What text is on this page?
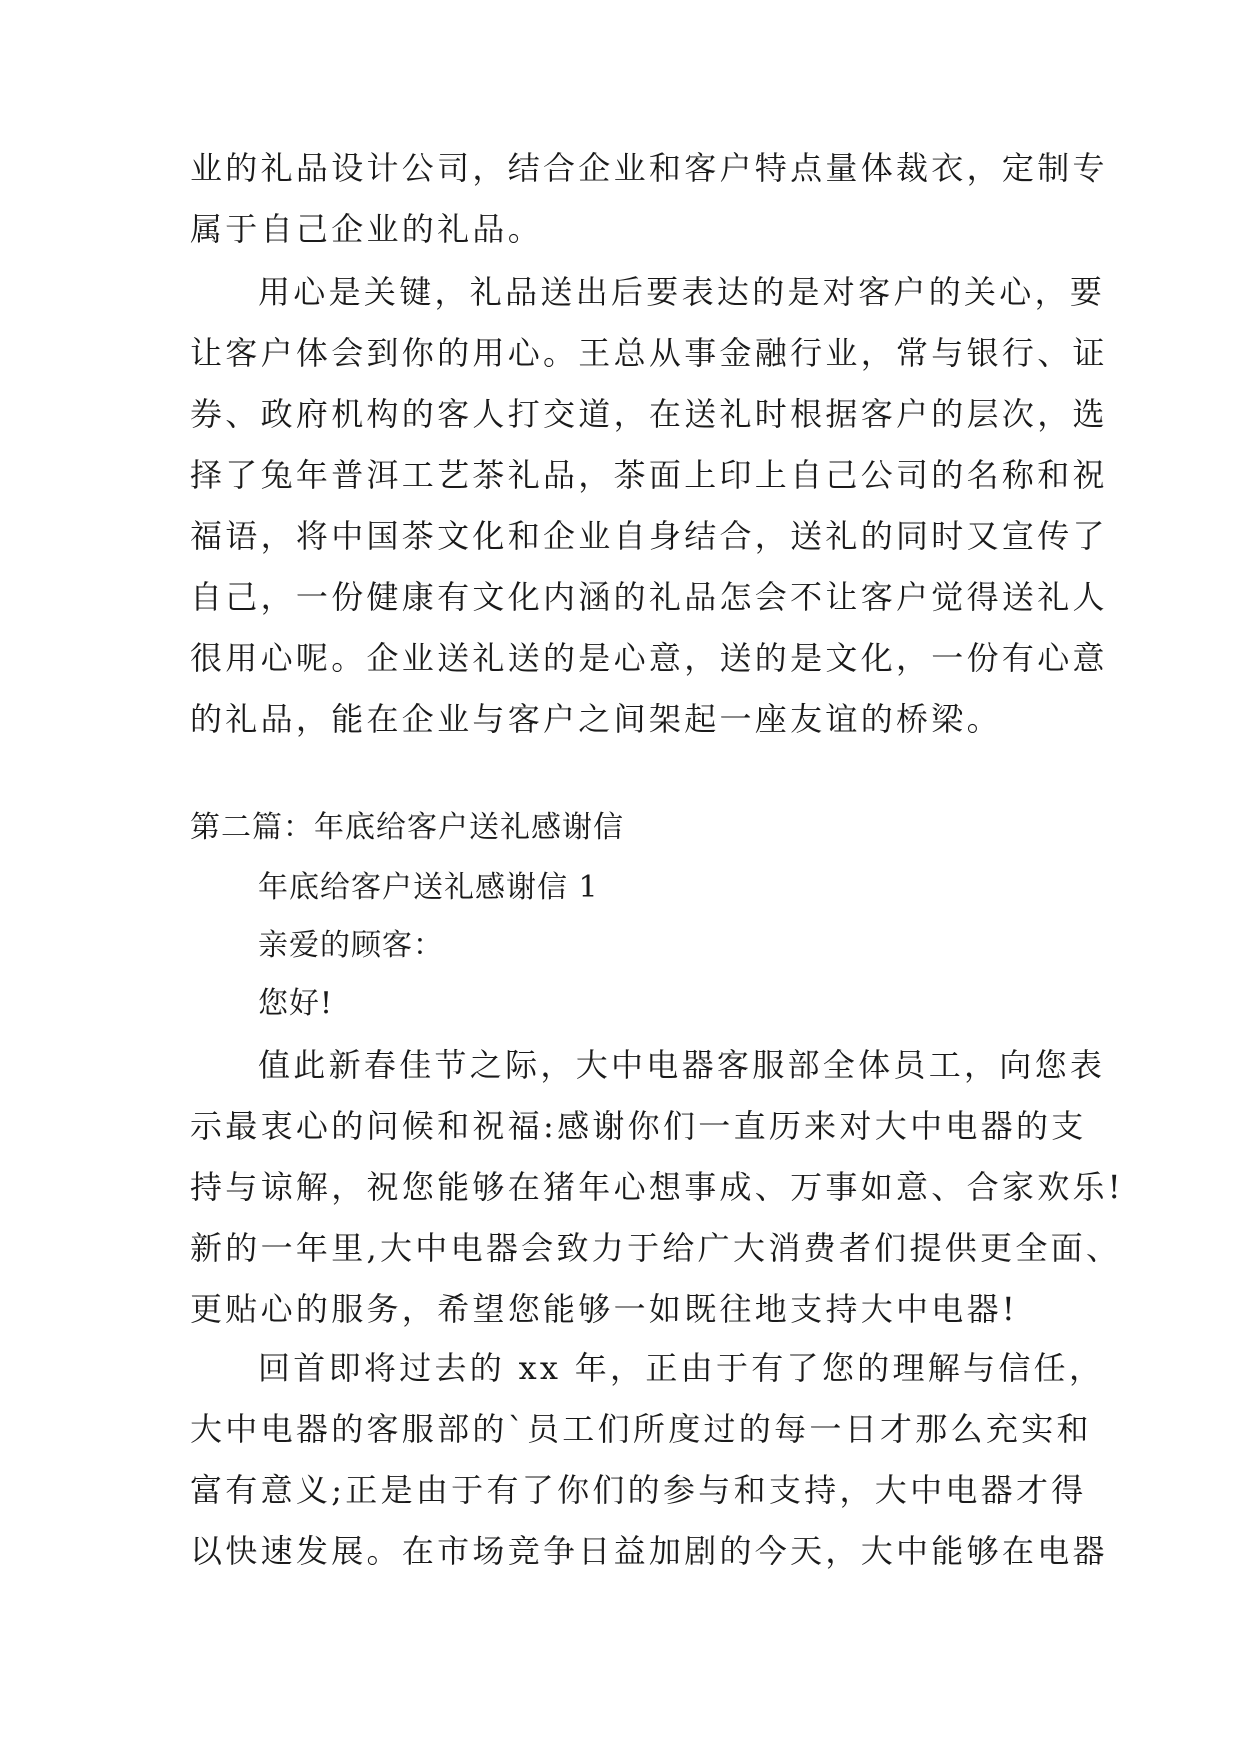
业的礼品设计公司，结合企业和客户特点量体裁衣，定制专

属于自己企业的礼品。

用心是关键，礼品送出后要表达的是对客户的关心，要

让客户体会到你的用心。王总从事金融行业，常与银行、证

券、政府机构的客人打交道，在送礼时根据客户的层次，选

择了兔年普洱工艺茶礼品，茶面上印上自己公司的名称和祝

福语，将中国茶文化和企业自身结合，送礼的同时又宣传了

自己，一份健康有文化内涵的礼品怎会不让客户觉得送礼人

很用心呢。企业送礼送的是心意，送的是文化，一份有心意

的礼品，能在企业与客户之间架起一座友谊的桥梁。

第二篇：年底给客户送礼感谢信

年底给客户送礼感谢信 1

亲爱的顾客：

您好!

值此新春佳节之际，大中电器客服部全体员工，向您表

示最衷心的问候和祝福:感谢你们一直历来对大中电器的支

持与谅解，祝您能够在猪年心想事成、万事如意、合家欢乐!

新的一年里,大中电器会致力于给广大消费者们提供更全面、

更贴心的服务，希望您能够一如既往地支持大中电器!

回首即将过去的 xx 年，正由于有了您的理解与信任，

大中电器的客服部的`员工们所度过的每一日才那么充实和

富有意义;正是由于有了你们的参与和支持，大中电器才得

以快速发展。在市场竞争日益加剧的今天，大中能够在电器
